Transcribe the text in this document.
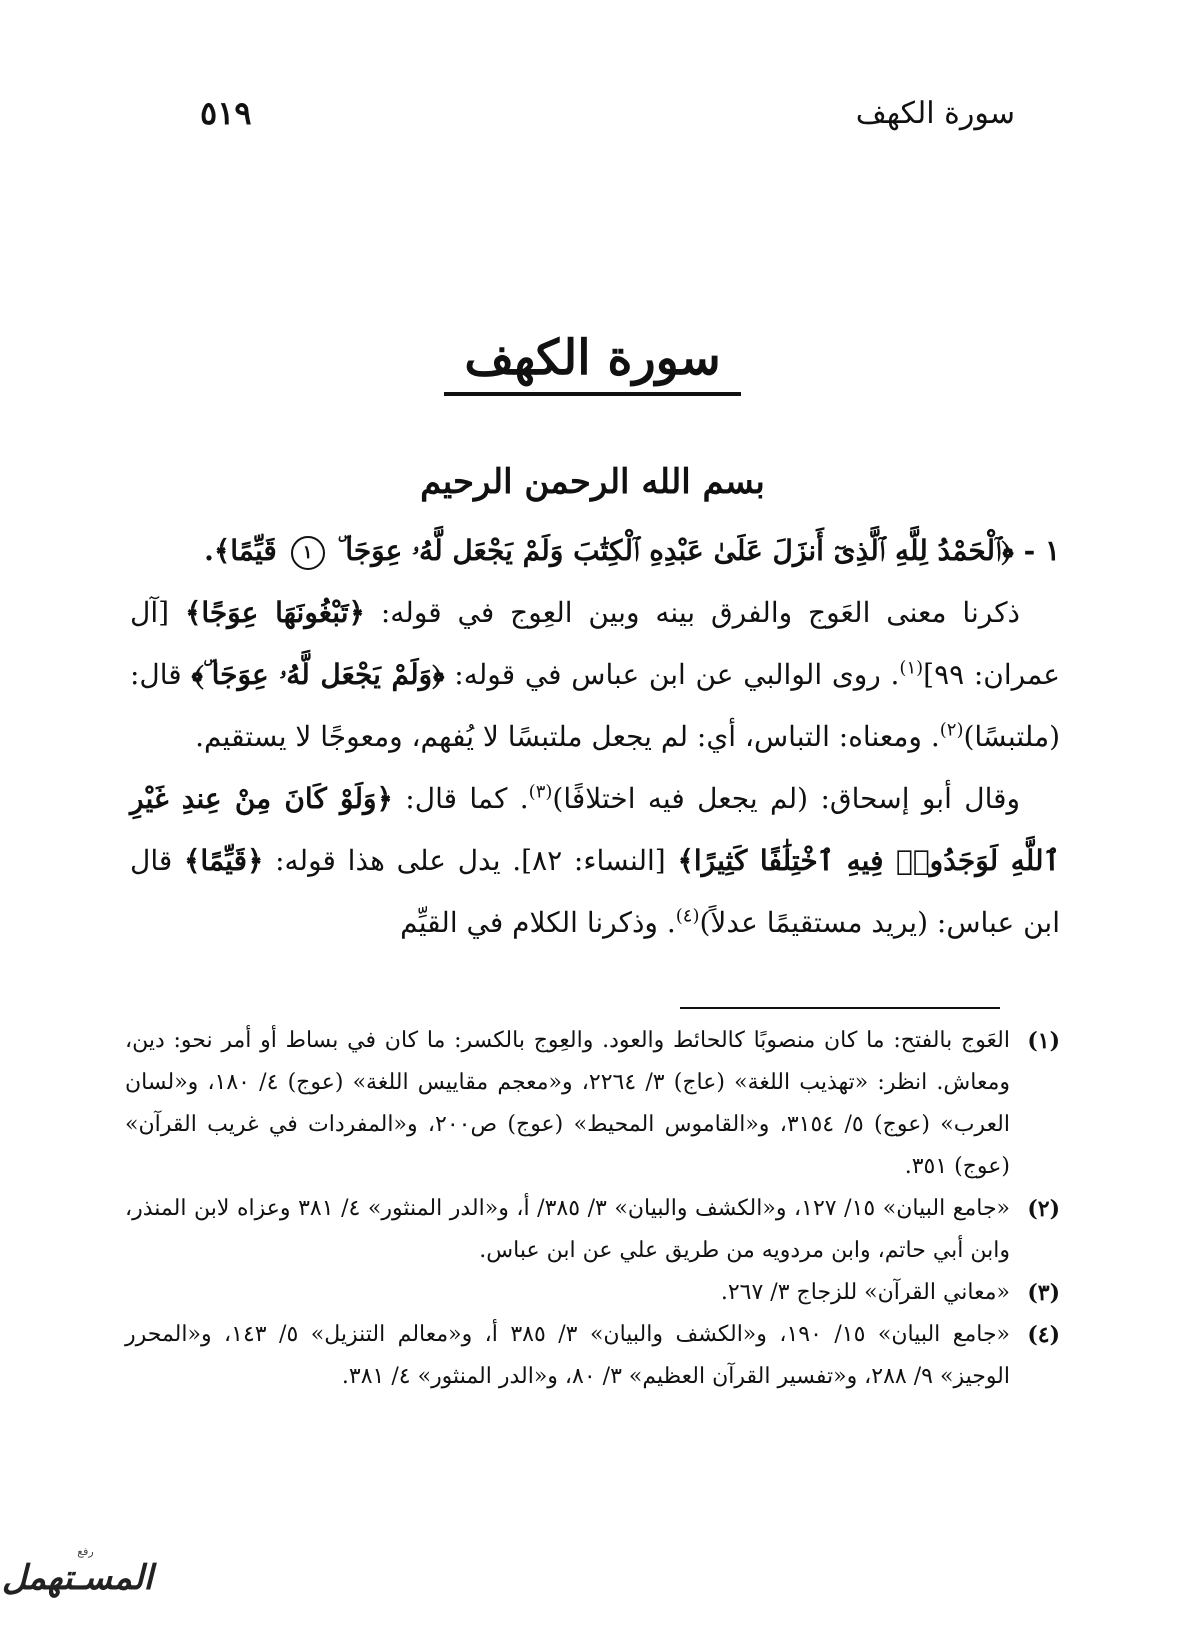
سورة الكهف
٥١٩
سورة الكهف
بسم الله الرحمن الرحيم

١ - ﴿ٱلْحَمْدُ لِلَّهِ ٱلَّذِىٓ أَنزَلَ عَلَىٰ عَبْدِهِ ٱلْكِتَٰبَ وَلَمْ يَجْعَل لَّهُۥ عِوَجَا ۜ ١ قَيِّمًا﴾.

ذكرنا معنى العَوج والفرق بينه وبين العِوج في قوله: ﴿تَبْغُونَهَا عِوَجًا﴾ [آل عمران: ٩٩]$^{(١)}$. روى الوالبي عن ابن عباس في قوله: ﴿وَلَمْ يَجْعَل لَّهُۥ عِوَجَا ۜ﴾ قال: (ملتبسًا)$^{(٢)}$. ومعناه: التباس، أي: لم يجعل ملتبسًا لا يُفهم، ومعوجًا لا يستقيم.

وقال أبو إسحاق: (لم يجعل فيه اختلافًا)$^{(٣)}$. كما قال: ﴿وَلَوْ كَانَ مِنْ عِندِ غَيْرِ ٱللَّهِ لَوَجَدُوا۟ فِيهِ ٱخْتِلَٰفًا كَثِيرًا﴾ [النساء: ٨٢]. يدل على هذا قوله: ﴿قَيِّمًا﴾ قال ابن عباس: (يريد مستقيمًا عدلاً)$^{(٤)}$. وذكرنا الكلام في القيِّم

(١)
العَوج بالفتح: ما كان منصوبًا كالحائط والعود. والعِوج بالكسر: ما كان في بساط أو أمر نحو: دين، ومعاش. انظر: «تهذيب اللغة» (عاج) ٣/ ٢٢٦٤، و«معجم مقاييس اللغة» (عوج) ٤/ ١٨٠، و«لسان العرب» (عوج) ٥/ ٣١٥٤، و«القاموس المحيط» (عوج) ص٢٠٠، و«المفردات في غريب القرآن» (عوج) ٣٥١.
(٢)
«جامع البيان» ١٥/ ١٢٧، و«الكشف والبيان» ٣/ ٣٨٥/ أ، و«الدر المنثور» ٤/ ٣٨١ وعزاه لابن المنذر، وابن أبي حاتم، وابن مردويه من طريق علي عن ابن عباس.
(٣)
«معاني القرآن» للزجاج ٣/ ٢٦٧.
(٤)
«جامع البيان» ١٥/ ١٩٠، و«الكشف والبيان» ٣/ ٣٨٥ أ، و«معالم التنزيل» ٥/ ١٤٣، و«المحرر الوجيز» ٩/ ٢٨٨، و«تفسير القرآن العظيم» ٣/ ٨٠، و«الدر المنثور» ٤/ ٣٨١.
رفع
المسـتهمل
